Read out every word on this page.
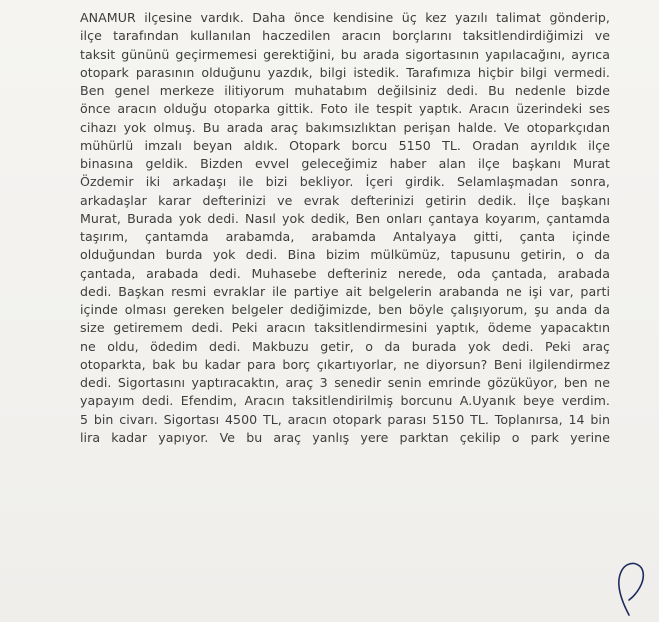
ANAMUR ilçesine vardık. Daha önce kendisine üç kez yazılı talimat gönderip,
ilçe tarafından kullanılan haczedilen aracın borçlarını taksitlendirdiğimizi ve
taksit gününü geçirmemesi gerektiğini, bu arada sigortasının yapılacağını, ayrıca
otopark parasının olduğunu yazdık, bilgi istedik. Tarafımıza hiçbir bilgi vermedi.
Ben genel merkeze ilitiyorum muhatabım değilsiniz dedi. Bu nedenle bizde
önce aracın olduğu otoparka gittik. Foto ile tespit yaptık. Aracın üzerindeki ses
cihazı yok olmuş. Bu arada araç bakımsızlıktan perişan halde. Ve otoparkçıdan
mühürlü imzalı beyan aldık. Otopark borcu 5150 TL. Oradan ayrıldık ilçe
binasına geldik. Bizden evvel geleceğimiz haber alan ilçe başkanı Murat
Özdemir iki arkadaşı ile bizi bekliyor. İçeri girdik. Selamlaşmadan sonra,
arkadaşlar karar defterinizi ve evrak defterinizi getirin dedik. İlçe başkanı
Murat, Burada yok dedi. Nasıl yok dedik, Ben onları çantaya koyarım, çantamda
taşırım, çantamda arabamda, arabamda Antalyaya gitti, çanta içinde
olduğundan burda yok dedi. Bina bizim mülkümüz, tapusunu getirin, o da
çantada, arabada dedi. Muhasebe defteriniz nerede, oda çantada, arabada
dedi. Başkan resmi evraklar ile partiye ait belgelerin arabanda ne işi var, parti
içinde olması gereken belgeler dediğimizde, ben böyle çalışıyorum, şu anda da
size getiremem dedi. Peki aracın taksitlendirmesini yaptık, ödeme yapacaktın
ne oldu, ödedim dedi. Makbuzu getir, o da burada yok dedi. Peki araç
otoparkta, bak bu kadar para borç çıkartıyorlar, ne diyorsun? Beni ilgilendirmez
dedi. Sigortasını yaptıracaktın, araç 3 senedir senin emrinde gözüküyor, ben ne
yapayım dedi. Efendim, Aracın taksitlendirilmiş borcunu A.Uyanık beye verdim.
5 bin civarı. Sigortası 4500 TL, aracın otopark parası 5150 TL. Toplanırsa, 14 bin
lira kadar yapıyor. Ve bu araç yanlış yere parktan çekilip o park yerine
